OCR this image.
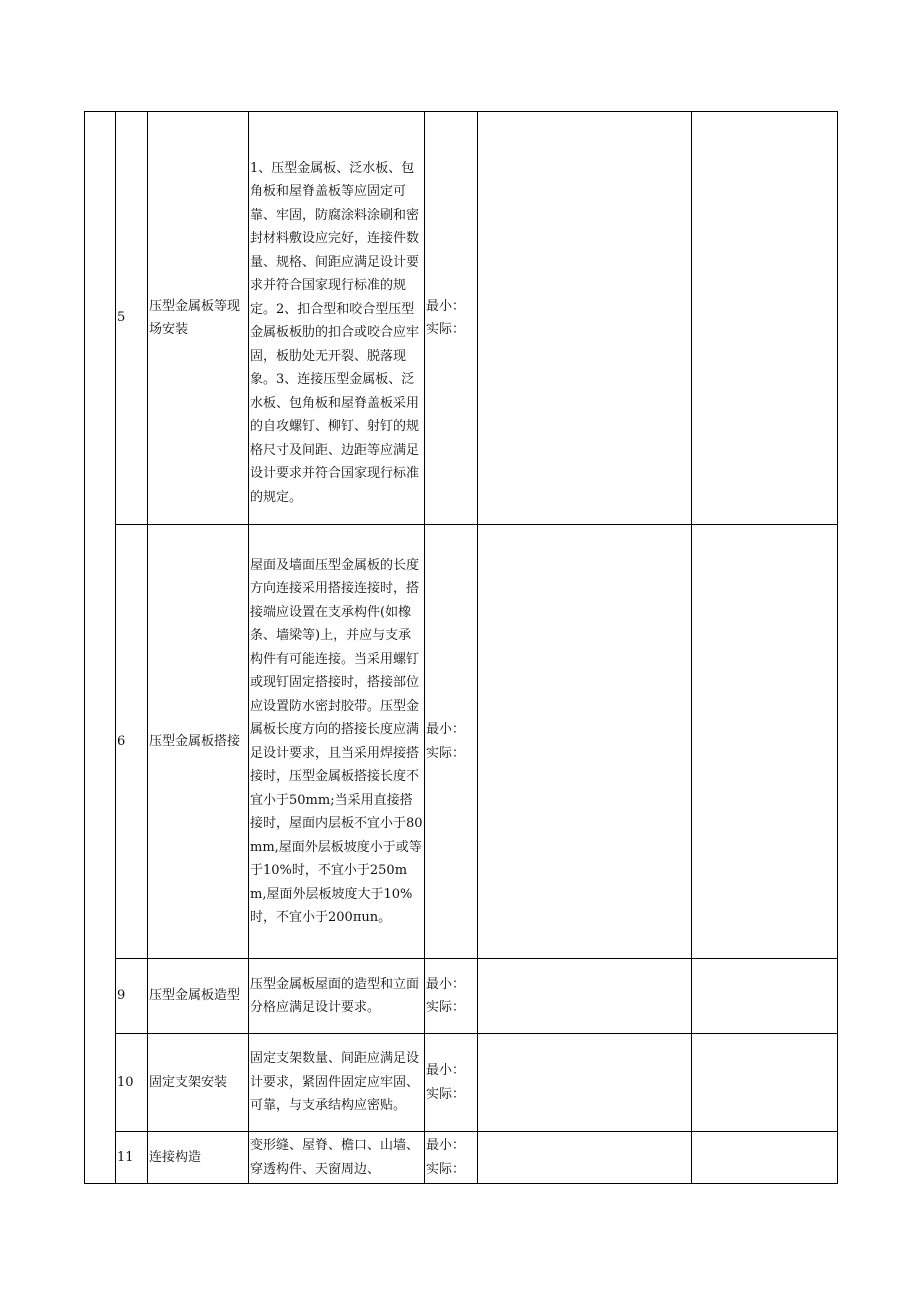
	5	压型金属板等现场安装	1、压型金属板、泛水板、包角板和屋脊盖板等应固定可靠、牢固，防腐涂料涂刷和密封材料敷设应完好，连接件数量、规格、间距应满足设计要求并符合国家现行标准的规定。2、扣合型和咬合型压型金属板板肋的扣合或咬合应牢固，板肋处无开裂、脱落现象。3、连接压型金属板、泛水板、包角板和屋脊盖板采用的自攻螺钉、柳钉、射钉的规格尺寸及间距、边距等应满足设计要求并符合国家现行标准的规定。	最小：
实际：		

	6	压型金属板搭接	屋面及墙面压型金属板的长度方向连接采用搭接连接时，搭接端应设置在支承构件(如橡条、墙梁等)上，并应与支承构件有可能连接。当采用螺钉或现钉固定搭接时，搭接部位应设置防水密封胶带。压型金属板长度方向的搭接长度应满足设计要求，且当采用焊接搭接时，压型金属板搭接长度不宜小于50mm;当采用直接搭接时，屋面内层板不宜小于80mm,屋面外层板坡度小于或等于10%时，不宜小于250mm,屋面外层板坡度大于10%时，不宜小于200πun。	最小：
实际：		

	9	压型金属板造型	压型金属板屋面的造型和立面分格应满足设计要求。	最小：
实际：		

	10	固定支架安装	固定支架数量、间距应满足设计要求，紧固件固定应牢固、可靠，与支承结构应密贴。	最小：实际：		
	11	连接构造	变形缝、屋脊、檐口、山墙、穿透构件、天窗周边、	最小：实际：		
